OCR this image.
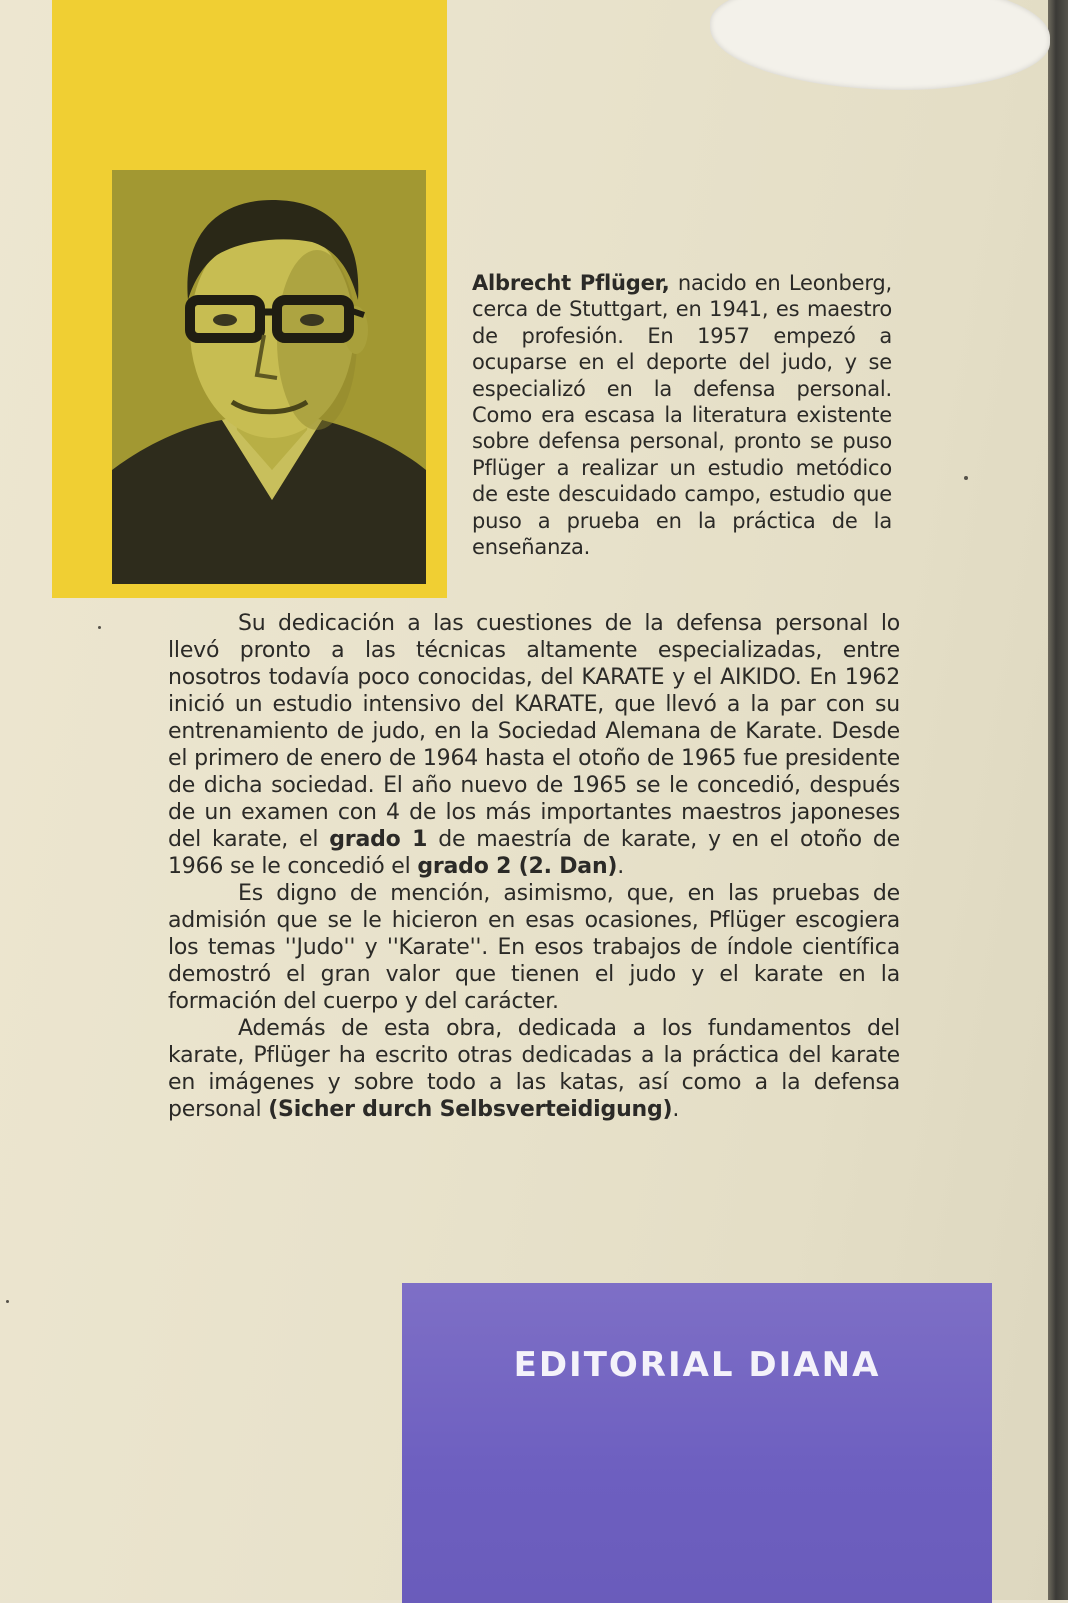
Albrecht Pflüger, nacido en Leonberg, cerca de Stuttgart, en 1941, es maestro de profesión. En 1957 empezó a ocuparse en el deporte del judo, y se especializó en la defensa personal. Como era escasa la literatura existente sobre defensa personal, pronto se puso Pflüger a realizar un estudio metódico de este descuidado campo, estudio que puso a prueba en la práctica de la enseñanza.

Su dedicación a las cuestiones de la defensa personal lo llevó pronto a las técnicas altamente especializadas, entre nosotros todavía poco conocidas, del KARATE y el AIKIDO. En 1962 inició un estudio intensivo del KARATE, que llevó a la par con su entrenamiento de judo, en la Sociedad Alemana de Karate. Desde el primero de enero de 1964 hasta el otoño de 1965 fue presidente de dicha sociedad. El año nuevo de 1965 se le concedió, después de un examen con 4 de los más importantes maestros japoneses del karate, el grado 1 de maestría de karate, y en el otoño de 1966 se le concedió el grado 2 (2. Dan).

Es digno de mención, asimismo, que, en las pruebas de admisión que se le hicieron en esas ocasiones, Pflüger escogiera los temas ''Judo'' y ''Karate''. En esos trabajos de índole científica demostró el gran valor que tienen el judo y el karate en la formación del cuerpo y del carácter.

Además de esta obra, dedicada a los fundamentos del karate, Pflüger ha escrito otras dedicadas a la práctica del karate en imágenes y sobre todo a las katas, así como a la defensa personal (Sicher durch Selbsverteidigung).

EDITORIAL DIANA
